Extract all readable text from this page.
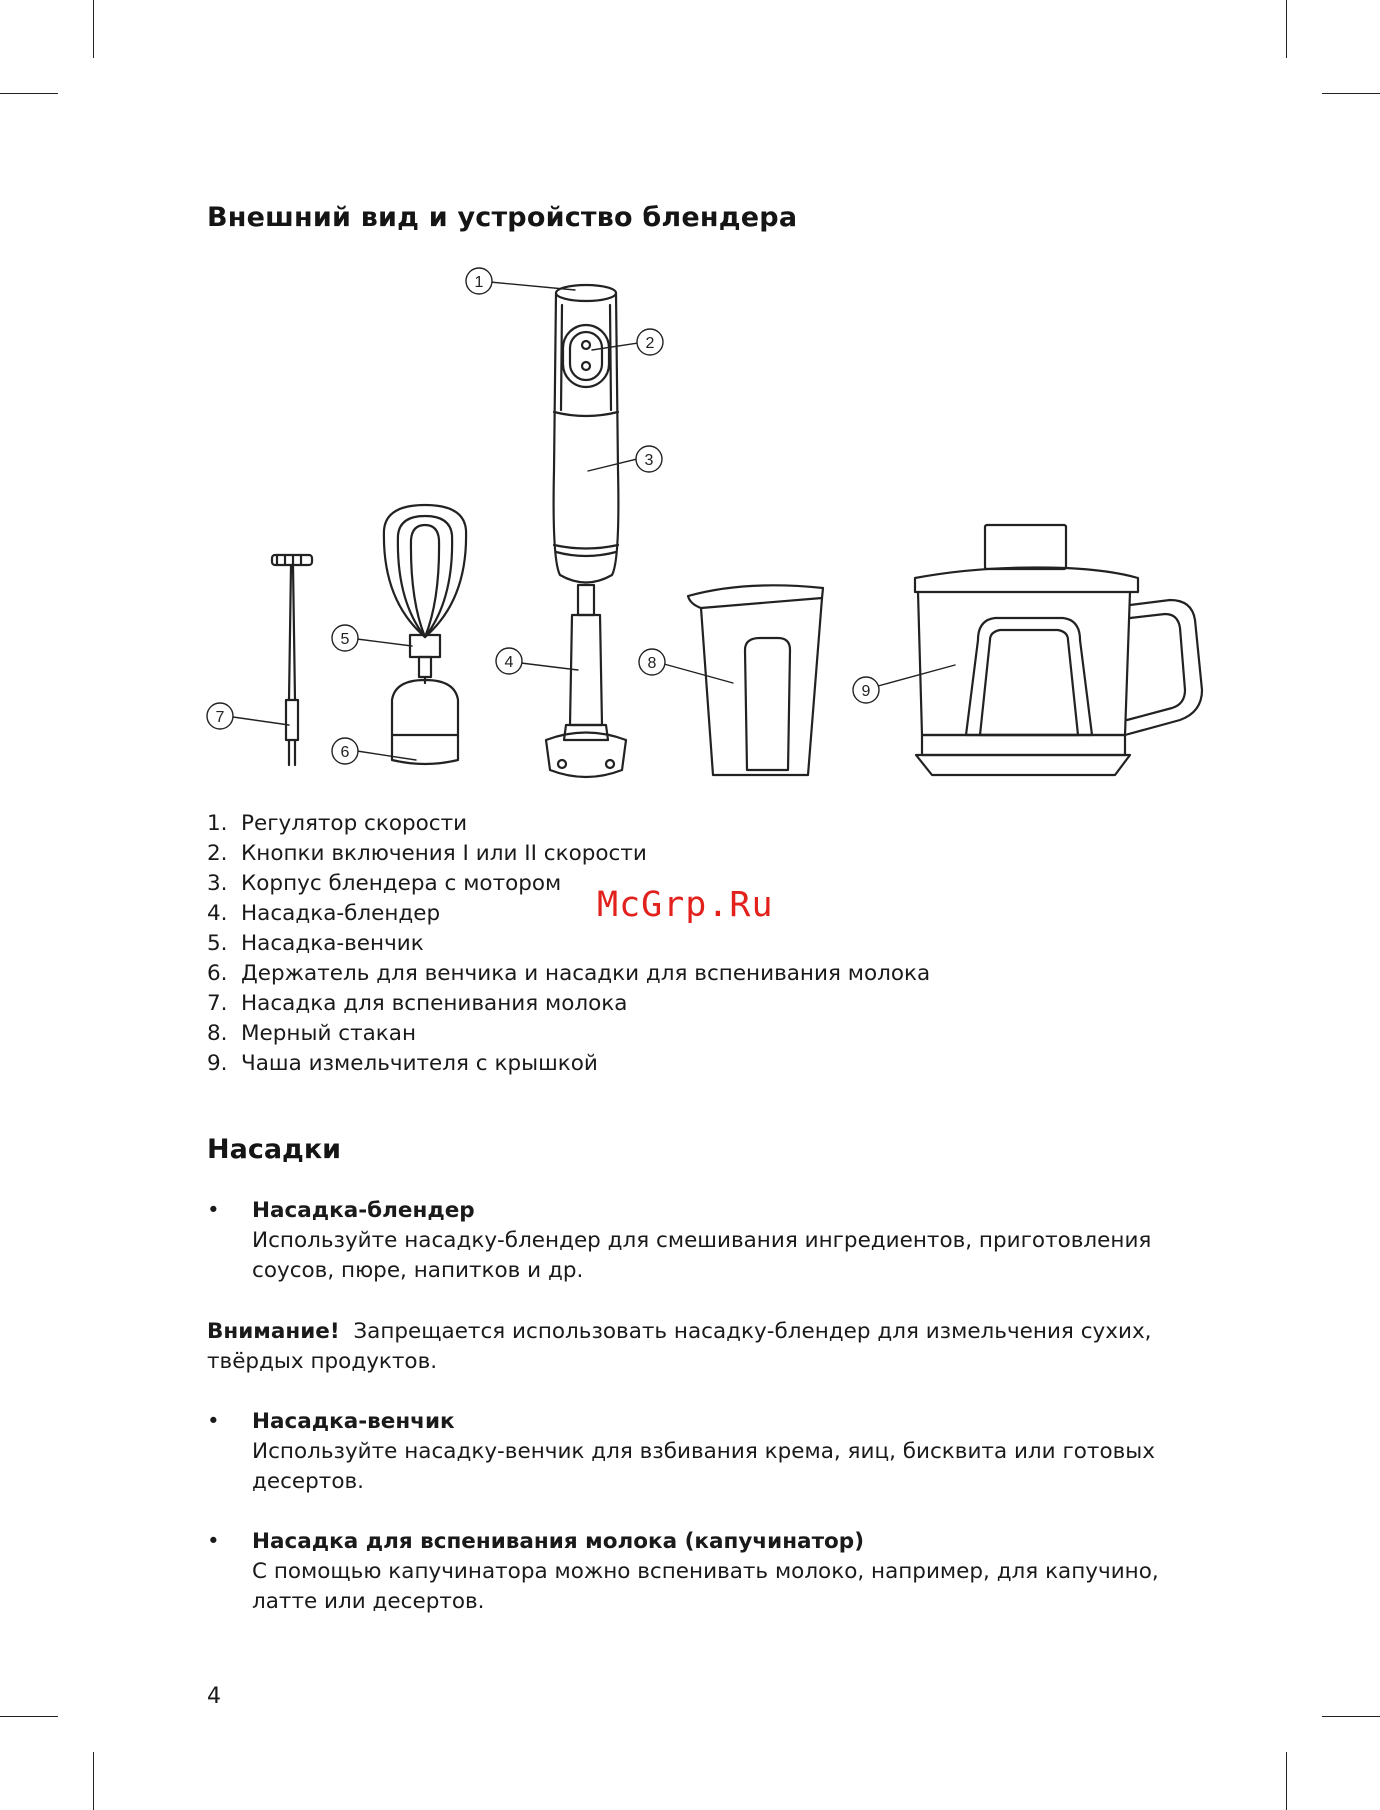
Внешний вид и устройство блендера
1
2
3
4
5
6
7
8
9
1. Регулятор скорости
2. Кнопки включения I или II скорости
3. Корпус блендера с мотором
4. Насадка-блендер
5. Насадка-венчик
6. Держатель для венчика и насадки для вспенивания молока
7. Насадка для вспенивания молока
8. Мерный стакан
9. Чаша измельчителя с крышкой
McGrp.Ru
Насадки
• Насадка-блендер
Используйте насадку-блендер для смешивания ингредиентов, приготовления
соусов, пюре, напитков и др.
Внимание! Запрещается использовать насадку-блендер для измельчения сухих,
твёрдых продуктов.
• Насадка-венчик
Используйте насадку-венчик для взбивания крема, яиц, бисквита или готовых
десертов.
• Насадка для вспенивания молока (капучинатор)
С помощью капучинатора можно вспенивать молоко, например, для капучино,
латте или десертов.
4
